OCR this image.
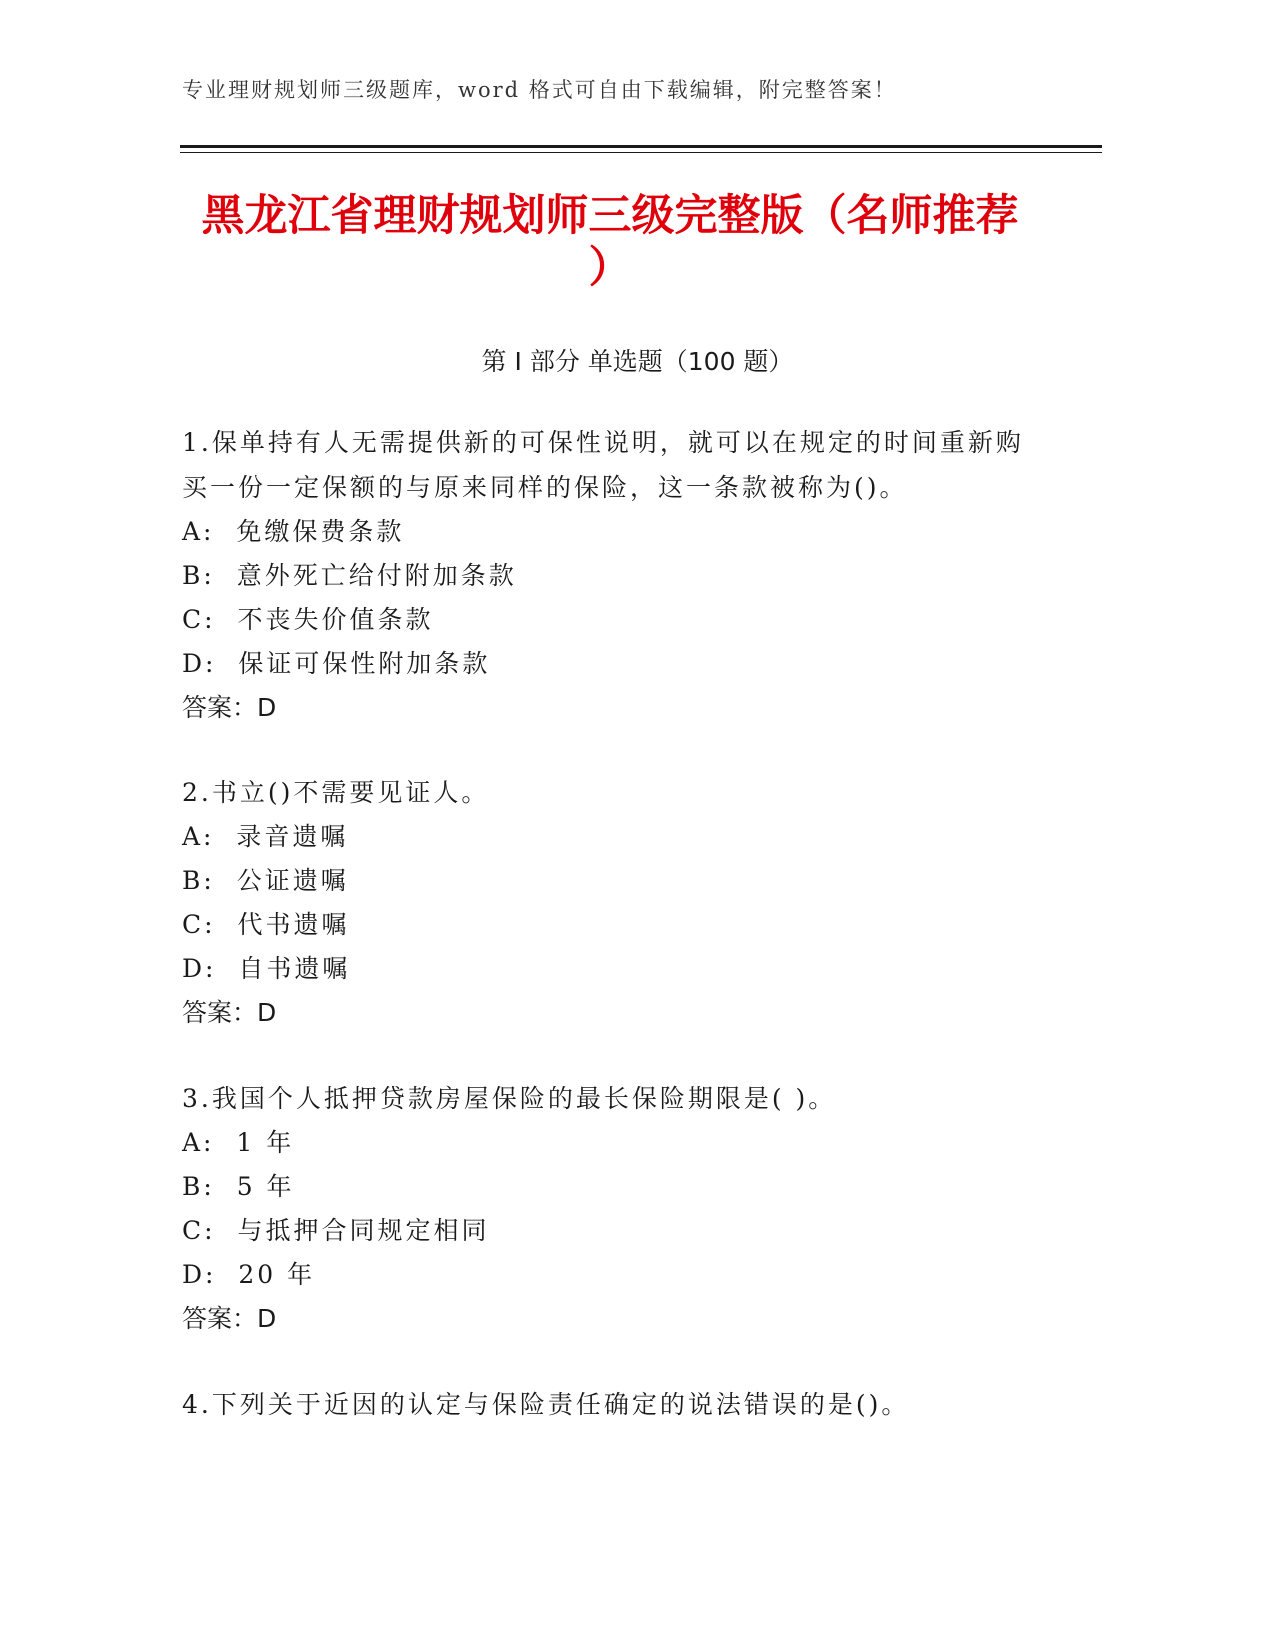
专业理财规划师三级题库，word 格式可自由下载编辑，附完整答案！
黑龙江省理财规划师三级完整版（名师推荐
）
第 I 部分 单选题（100 题）

1.保单持有人无需提供新的可保性说明，就可以在规定的时间重新购

买一份一定保额的与原来同样的保险，这一条款被称为()。

A:  免缴保费条款

B:  意外死亡给付附加条款

C:  不丧失价值条款

D:  保证可保性附加条款

答案：D

2.书立()不需要见证人。

A:  录音遗嘱

B:  公证遗嘱

C:  代书遗嘱

D:  自书遗嘱

答案：D

3.我国个人抵押贷款房屋保险的最长保险期限是( )。

A:  1 年

B:  5 年

C:  与抵押合同规定相同

D:  20 年

答案：D

4.下列关于近因的认定与保险责任确定的说法错误的是()。
